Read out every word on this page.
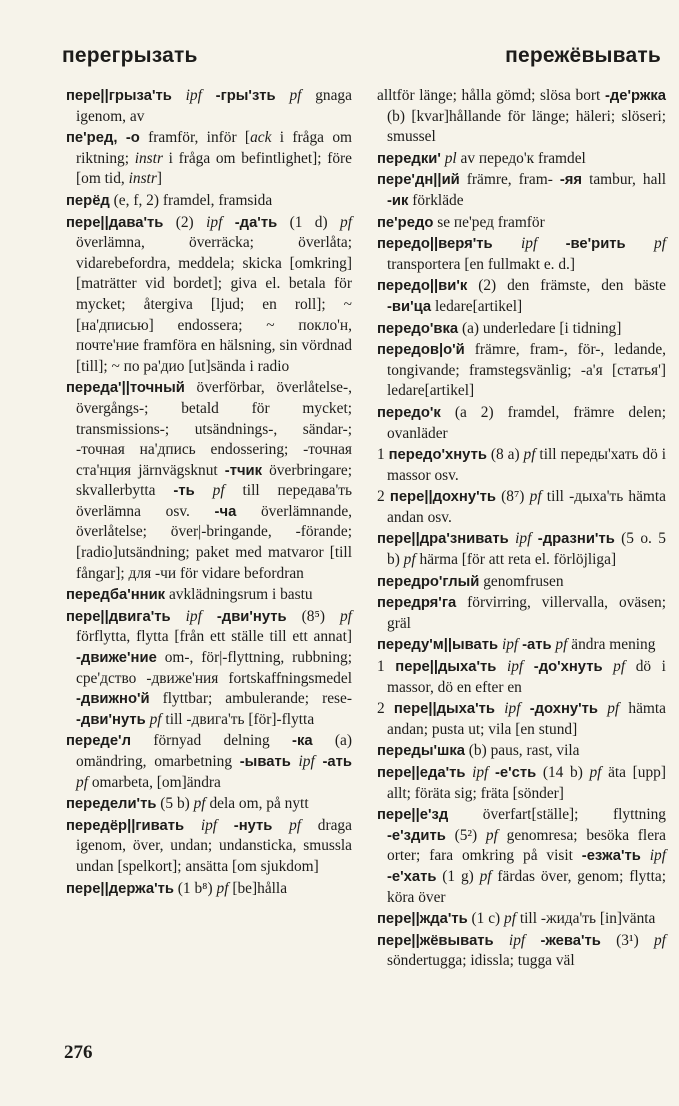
перегрызать	пережёвывать
пере||грыза'ть ipf -гры'зть pf gnaga igenom, av
пе'ред, -о framför, inför [ack i fråga om riktning; instr i fråga om befintlighet]; före [om tid, instr]
перёд (e, f, 2) framdel, framsida
пере||дава'ть (2) ipf -да'ть (1 d) pf överlämna, överräcka; överlåta; vidarebefordra, meddela; skicka [omkring] [maträtter vid bordet]; giva el. betala för mycket; återgiva [ljud; en roll]; ~ [на'дписью] endossera; ~ покло'н, почте'ние framföra en hälsning, sin vördnad [till]; ~ по ра'дио [ut]sända i radio
переда'||точный överförbar, överlåtelse-, övergångs-; betald för mycket; transmissions-; utsändnings-, sändar-; -точная на'дпись endossering; -точная ста'нция järnvägsknut -тчик överbringare; skvallerbytta -ть pf till передава'ть överlämna osv. -ча överlämnande, överlåtelse; över|-bringande, -förande; [radio]utsändning; paket med matvaror [till fångar]; для -чи för vidare befordran
передба'нник avklädningsrum i bastu
пере||двига'ть ipf -дви'нуть (8⁵) pf förflytta, flytta [från ett ställe till ett annat] -движе'ние om-, för|-flyttning, rubbning; сре'дство -движе'ния fortskaffningsmedel -движно'й flyttbar; ambulerande; rese- -дви'нуть pf till -двига'ть [för]-flytta
переде'л förnyad delning -ка (a) omändring, omarbetning -ывать ipf -ать pf omarbeta, [om]ändra
передели'ть (5 b) pf dela om, på nytt
передёр||гивать ipf -нуть pf draga igenom, över, undan; undansticka, smussla undan [spelkort]; ansätta [om sjukdom]
пере||держа'ть (1 b⁸) pf [be]hålla
alltför länge; hålla gömd; slösa bort -де'ржка (b) [kvar]hållande för länge; häleri; slöseri; smussel
передки' pl av передо'к framdel
пере'дн||ий främre, fram- -яя tambur, hall -ик förkläde
пе'редо se пе'ред framför
передо||веря'ть ipf -ве'рить pf transportera [en fullmakt e. d.]
передо||ви'к (2) den främste, den bäste -ви'ца ledare[artikel]
передо'вка (a) underledare [i tidning]
передов|о'й främre, fram-, för-, ledande, tongivande; framstegsvänlig; -а'я [статья'] ledare[artikel]
передо'к (a 2) framdel, främre delen; ovanläder
1 передо'хнуть (8 a) pf till переды'хать dö i massor osv.
2 пере||дохну'ть (8⁷) pf till -дыха'ть hämta andan osv.
пере||дра'знивать ipf -дразни'ть (5 o. 5 b) pf härma [för att reta el. förlöjliga]
передро'глый genomfrusen
передря'га förvirring, villervalla, oväsen; gräl
переду'м||ывать ipf -ать pf ändra mening
1 пере||дыха'ть ipf -до'хнуть pf dö i massor, dö en efter en
2 пере||дыха'ть ipf -дохну'ть pf hämta andan; pusta ut; vila [en stund]
переды'шка (b) paus, rast, vila
пере||еда'ть ipf -е'сть (14 b) pf äta [upp] allt; föräta sig; fräta [sönder]
пере||е'зд överfart[ställe]; flyttning -е'здить (5²) pf genomresa; besöka flera orter; fara omkring på visit -езжа'ть ipf -е'хать (1 g) pf färdas över, genom; flytta; köra över
пере||жда'ть (1 c) pf till -жида'ть [in]vänta
пере||жёвывать ipf -жева'ть (3¹) pf söndertugga; idissla; tugga väl
276
